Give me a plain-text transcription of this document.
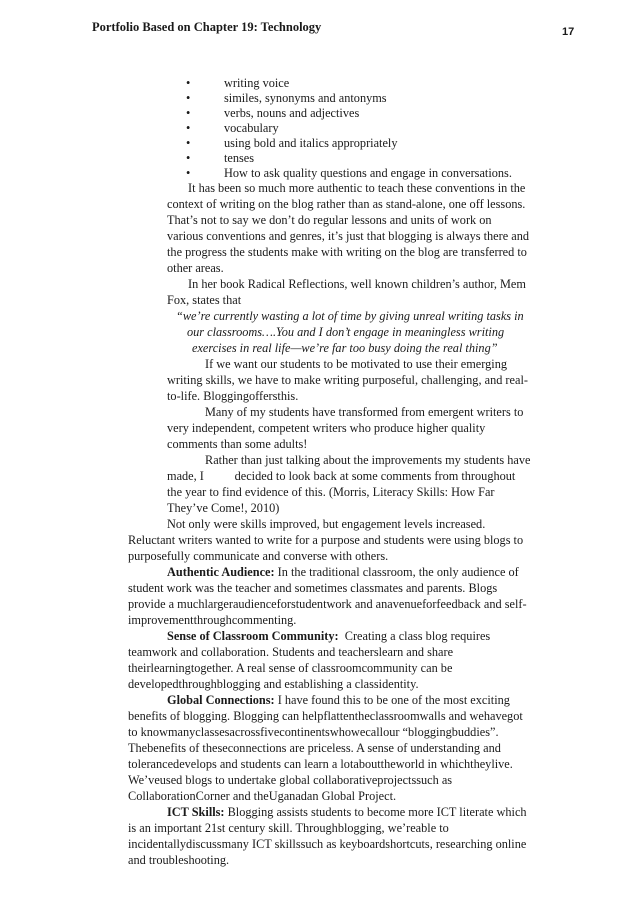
Portfolio Based on Chapter 19: Technology	17
•	writing voice
•	similes, synonyms and antonyms
•	verbs, nouns and adjectives
•	vocabulary
•	using bold and italics appropriately
•	tenses
•	How to ask quality questions and engage in conversations.
It has been so much more authentic to teach these conventions in the
context of writing on the blog rather than as stand-alone, one off lessons.
That’s not to say we don’t do regular lessons and units of work on
various conventions and genres, it’s just that blogging is always there and
the progress the students make with writing on the blog are transferred to
other areas.
In her book Radical Reflections, well known children’s author, Mem
Fox, states that
“we’re currently wasting a lot of time by giving unreal writing tasks in
our classrooms….You and I don’t engage in meaningless writing
exercises in real life—we’re far too busy doing the real thing”
If we want our students to be motivated to use their emerging
writing skills, we have to make writing purposeful, challenging, and real-
to-life. Bloggingoffersthis.
Many of my students have transformed from emergent writers to
very independent, competent writers who produce higher quality
comments than some adults!
Rather than just talking about the improvements my students have
made, I          decided to look back at some comments from throughout
the year to find evidence of this. (Morris, Literacy Skills: How Far
They’ve Come!, 2010)
Not only were skills improved, but engagement levels increased.
Reluctant writers wanted to write for a purpose and students were using blogs to
purposefully communicate and converse with others.
Authentic Audience: In the traditional classroom, the only audience of
student work was the teacher and sometimes classmates and parents. Blogs
provide a muchlargeraudienceforstudentwork and anavenueforfeedback and self-
improvementthroughcommenting.
Sense of Classroom Community:  Creating a class blog requires
teamwork and collaboration. Students and teacherslearn and share
theirlearningtogether. A real sense of classroomcommunity can be
developedthroughblogging and establishing a classidentity.
Global Connections: I have found this to be one of the most exciting
benefits of blogging. Blogging can helpflattentheclassroomwalls and wehavegot
to knowmanyclassesacrossfivecontinentswhowecallour “bloggingbuddies”.
Thebenefits of theseconnections are priceless. A sense of understanding and
tolerancedevelops and students can learn a lotabouttheworld in whichtheylive.
We’veused blogs to undertake global collaborativeprojectssuch as
CollaborationCorner and theUganadan Global Project.
ICT Skills: Blogging assists students to become more ICT literate which
is an important 21st century skill. Throughblogging, we’reable to
incidentallydiscussmany ICT skillssuch as keyboardshortcuts, researching online
and troubleshooting.
